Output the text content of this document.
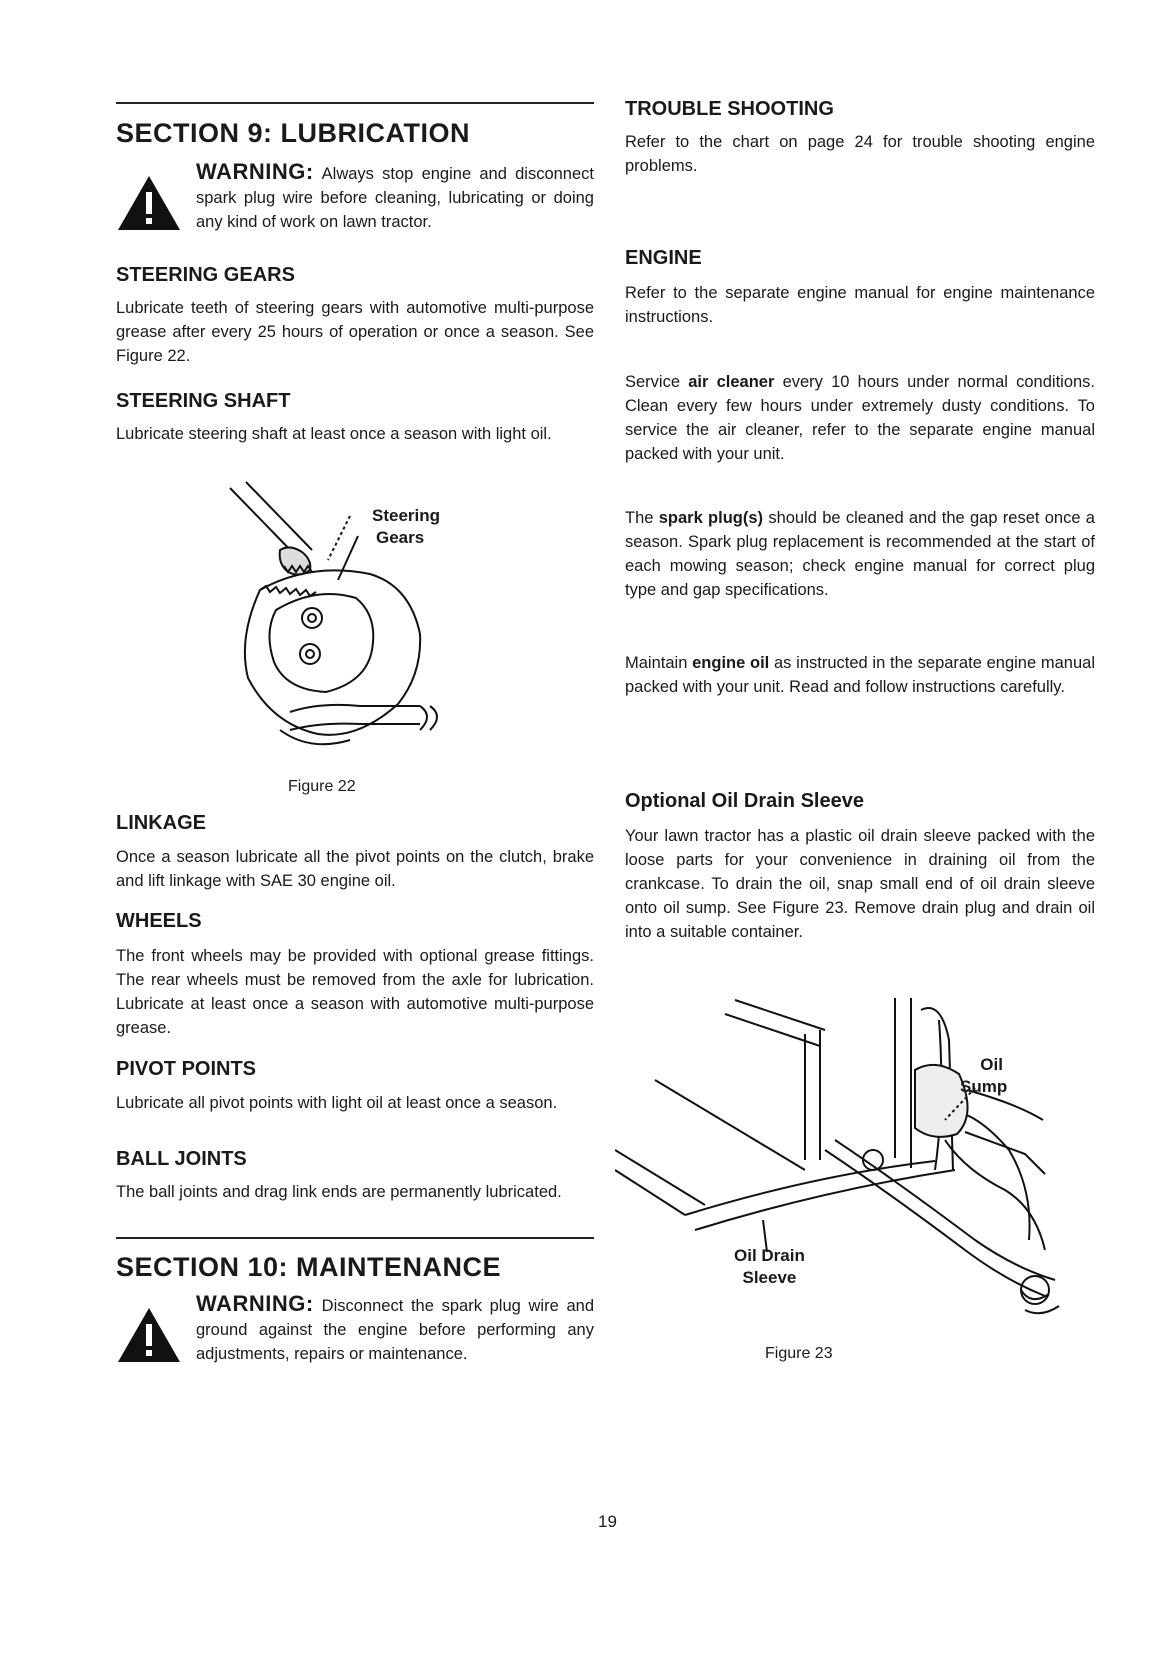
SECTION 9: LUBRICATION
WARNING: Always stop engine and disconnect spark plug wire before cleaning, lubricating or doing any kind of work on lawn tractor.
STEERING GEARS

Lubricate teeth of steering gears with automotive multi-purpose grease after every 25 hours of operation or once a season. See Figure 22.

STEERING SHAFT

Lubricate steering shaft at least once a season with light oil.

Steering
Gears
Figure 22
LINKAGE

Once a season lubricate all the pivot points on the clutch, brake and lift linkage with SAE 30 engine oil.

WHEELS

The front wheels may be provided with optional grease fittings. The rear wheels must be removed from the axle for lubrication. Lubricate at least once a season with automotive multi-purpose grease.

PIVOT POINTS

Lubricate all pivot points with light oil at least once a season.

BALL JOINTS

The ball joints and drag link ends are permanently lubricated.

SECTION 10: MAINTENANCE
WARNING: Disconnect the spark plug wire and ground against the engine before performing any adjustments, repairs or maintenance.
TROUBLE SHOOTING

Refer to the chart on page 24 for trouble shooting engine problems.

ENGINE

Refer to the separate engine manual for engine maintenance instructions.

Service air cleaner every 10 hours under normal conditions. Clean every few hours under extremely dusty conditions. To service the air cleaner, refer to the separate engine manual packed with your unit.

The spark plug(s) should be cleaned and the gap reset once a season. Spark plug replacement is recommended at the start of each mowing season; check engine manual for correct plug type and gap specifications.

Maintain engine oil as instructed in the separate engine manual packed with your unit. Read and follow instructions carefully.

Optional Oil Drain Sleeve

Your lawn tractor has a plastic oil drain sleeve packed with the loose parts for your convenience in draining oil from the crankcase. To drain the oil, snap small end of oil drain sleeve onto oil sump. See Figure 23. Remove drain plug and drain oil into a suitable container.

Oil
Sump
Oil Drain
Sleeve
Figure 23
19
